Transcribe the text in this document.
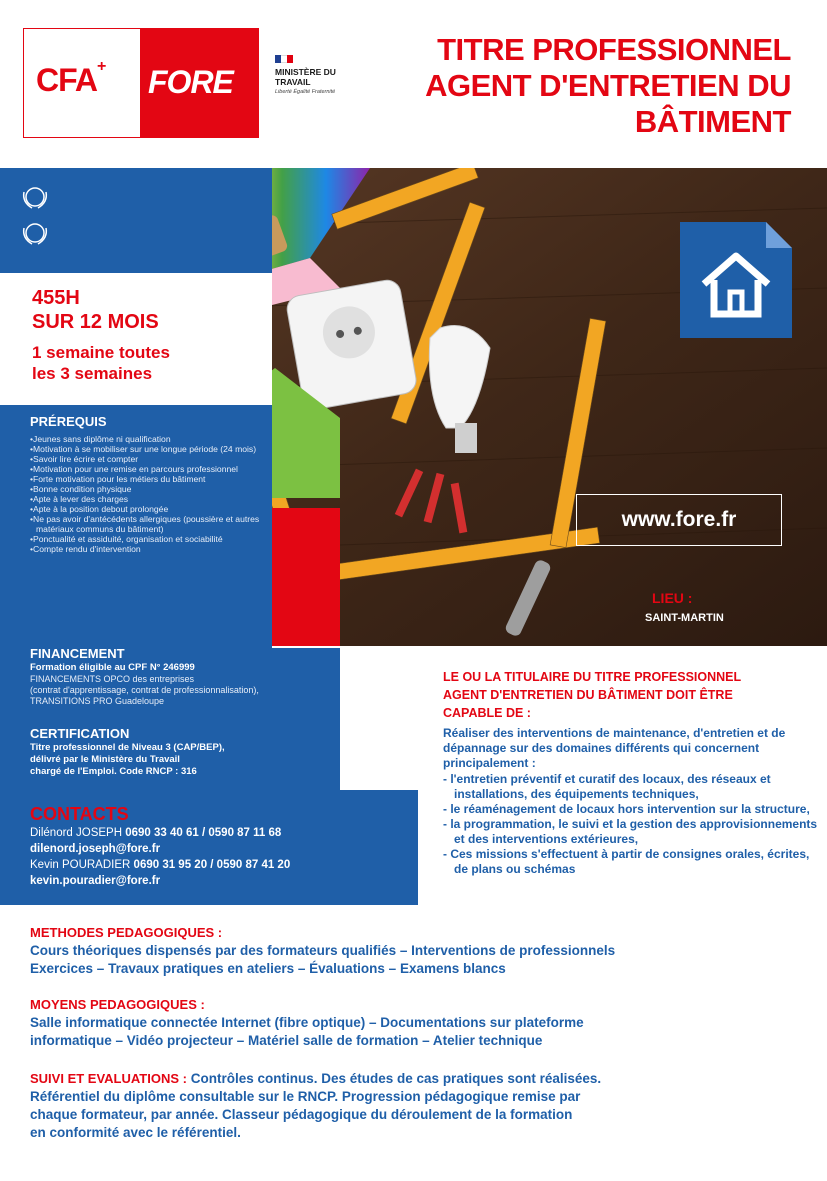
CFA+ FORE	MINISTÈRE DU TRAVAIL
Liberté Égalité Fraternité
TITRE PROFESSIONNEL
AGENT D'ENTRETIEN DU
BÂTIMENT
www.fore.fr
LIEU :
SAINT-MARTIN
455H
SUR 12 MOIS
1 semaine toutes
les 3 semaines
PRÉREQUIS
• Jeunes sans diplôme ni qualification
• Motivation à se mobiliser sur une longue période (24 mois)
• Savoir lire écrire et compter
• Motivation pour une remise en parcours professionnel
• Forte motivation pour les métiers du bâtiment
• Bonne condition physique
• Apte à lever des charges
• Apte à la position debout prolongée
• Ne pas avoir d'antécédents allergiques (poussière et autres matériaux communs du bâtiment)
• Ponctualité et assiduité, organisation et sociabilité
• Compte rendu d'intervention
FINANCEMENT
Formation éligible au CPF N° 246999
FINANCEMENTS OPCO des entreprises
(contrat d'apprentissage, contrat de professionnalisation),
TRANSITIONS PRO Guadeloupe
CERTIFICATION
Titre professionnel de Niveau 3 (CAP/BEP),
délivré par le Ministère du Travail
chargé de l'Emploi. Code RNCP : 316
CONTACTS
Dilénord JOSEPH 0690 33 40 61 / 0590 87 11 68
dilenord.joseph@fore.fr
Kevin POURADIER 0690 31 95 20 / 0590 87 41 20
kevin.pouradier@fore.fr
LE OU LA TITULAIRE DU TITRE PROFESSIONNEL
AGENT D'ENTRETIEN DU BÂTIMENT DOIT ÊTRE
CAPABLE DE :
Réaliser des interventions de maintenance, d'entretien et de dépannage sur des domaines différents qui concernent principalement :
- l'entretien préventif et curatif des locaux, des réseaux et installations, des équipements techniques,
- le réaménagement de locaux hors intervention sur la structure,
- la programmation, le suivi et la gestion des approvisionnements et des interventions extérieures,
- Ces missions s'effectuent à partir de consignes orales, écrites, de plans ou schémas
METHODES PEDAGOGIQUES :
Cours théoriques dispensés par des formateurs qualifiés – Interventions de professionnels
Exercices – Travaux pratiques en ateliers – Évaluations – Examens blancs
MOYENS PEDAGOGIQUES :
Salle informatique connectée Internet (fibre optique) – Documentations sur plateforme
informatique – Vidéo projecteur – Matériel salle de formation – Atelier technique
SUIVI ET EVALUATIONS : Contrôles continus. Des études de cas pratiques sont réalisées.
Référentiel du diplôme consultable sur le RNCP. Progression pédagogique remise par
chaque formateur, par année. Classeur pédagogique du déroulement de la formation
en conformité avec le référentiel.
